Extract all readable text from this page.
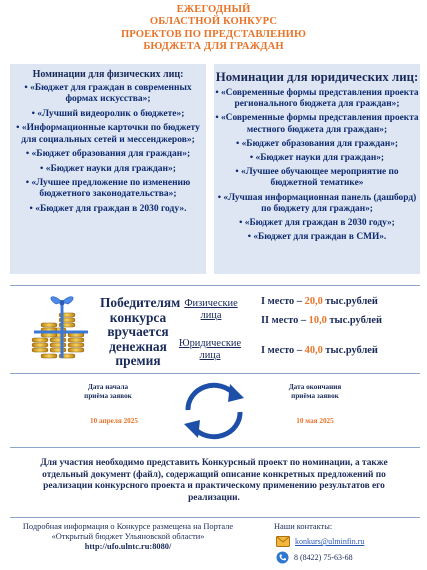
ЕЖЕГОДНЫЙ
ОБЛАСТНОЙ КОНКУРС
ПРОЕКТОВ ПО ПРЕДСТАВЛЕНИЮ
БЮДЖЕТА ДЛЯ ГРАЖДАН
Номинации для физических лиц:
• «Бюджет для граждан в современных формах искусства»;
• «Лучший видеоролик о бюджете»;
• «Информационные карточки по бюджету для социальных сетей и мессенджеров»;
• «Бюджет образования для граждан»;
• «Бюджет науки для граждан»;
• «Лучшее предложение по изменению бюджетного законодательства»;
• «Бюджет для граждан в 2030 году».
Номинации для юридических лиц:
• «Современные формы представления проекта регионального бюджета для граждан»;
• «Современные формы представления проекта местного бюджета для граждан»;
• «Бюджет образования для граждан»;
• «Бюджет науки для граждан»;
• «Лучшее обучающее мероприятие по бюджетной тематике»
• «Лучшая информационная панель (дашборд) по бюджету для граждан»;
• «Бюджет для граждан в 2030 году»;
• «Бюджет для граждан в СМИ».
Победителям конкурса вручается денежная премия
Физические лица
Юридические лица
I место – 20,0 тыс.рублей
II место – 10,0 тыс.рублей
I место – 40,0 тыс.рублей
Дата начала приёма заявок
10 апреля 2025
Дата окончания приёма заявок
10 мая 2025
Для участия необходимо представить Конкурсный проект по номинации, а также отдельный документ (файл), содержащий описание конкретных предложений по реализации конкурсного проекта и практическому применению результатов его реализации.
Подробная информация о Конкурсе размещена на Портале «Открытый бюджет Ульяновской области»
http://ufo.ulntc.ru:8080/
Наши контакты:
konkurs@ulminfin.ru
8 (8422) 75-63-68
